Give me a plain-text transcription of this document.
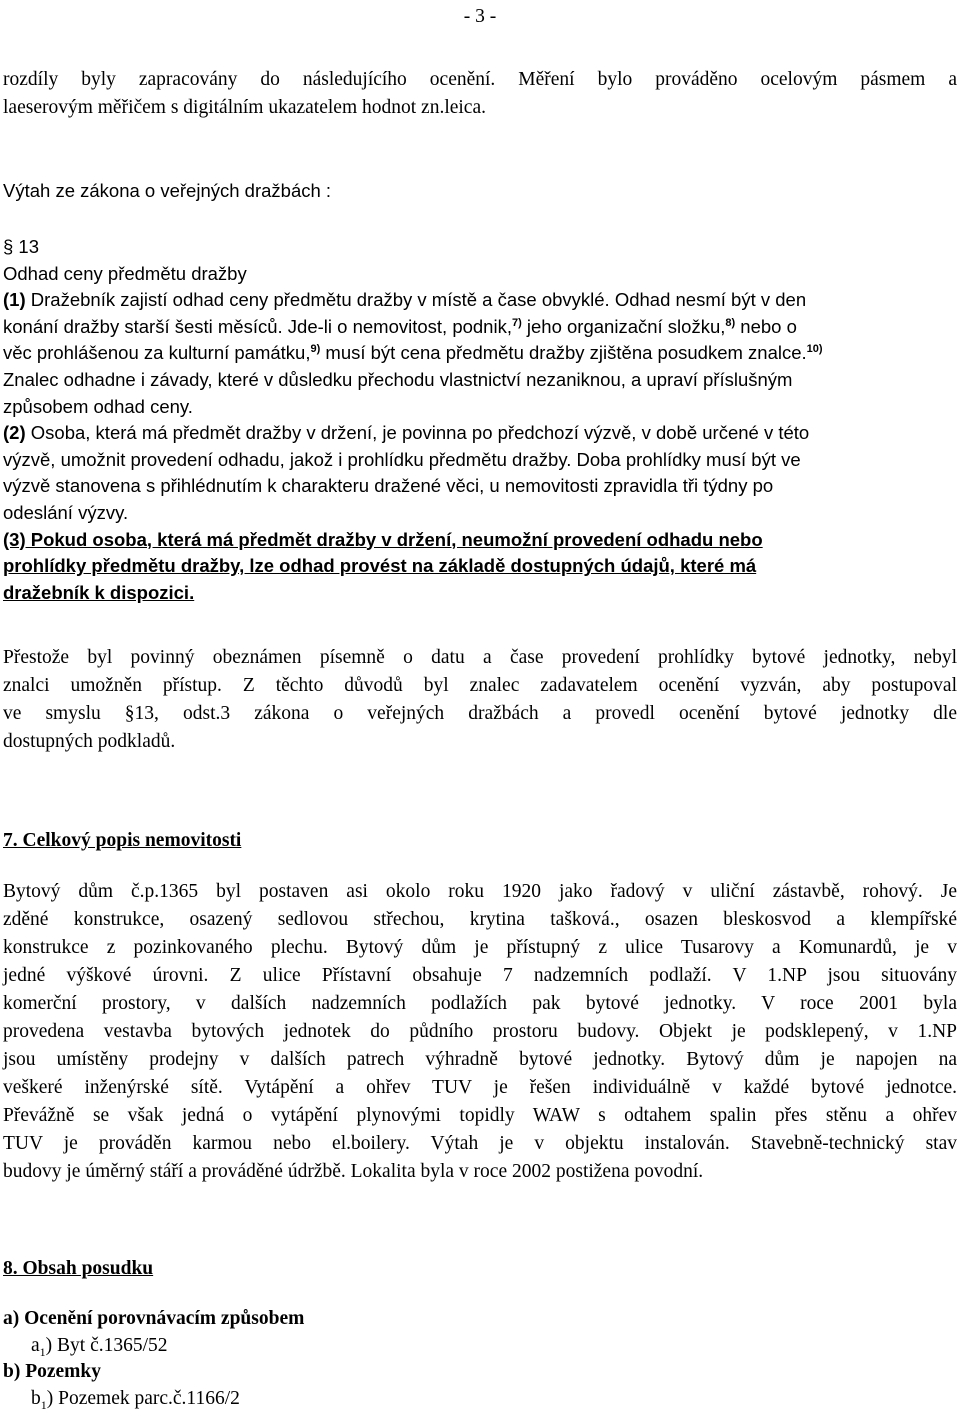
- 3 -
rozdíly byly zapracovány do následujícího ocenění. Měření bylo prováděno ocelovým pásmem a
laeserovým měřičem s digitálním ukazatelem hodnot zn.leica.
Výtah ze zákona o veřejných dražbách :
§ 13
Odhad ceny předmětu dražby
(1) Dražebník zajistí odhad ceny předmětu dražby v místě a čase obvyklé. Odhad nesmí být v den
konání dražby starší šesti měsíců. Jde-li o nemovitost, podnik,$^{7)}$ jeho organizační složku,$^{8)}$ nebo o
věc prohlášenou za kulturní památku,$^{9)}$ musí být cena předmětu dražby zjištěna posudkem znalce.$^{10)}$
Znalec odhadne i závady, které v důsledku přechodu vlastnictví nezaniknou, a upraví příslušným
způsobem odhad ceny.
(2) Osoba, která má předmět dražby v držení, je povinna po předchozí výzvě, v době určené v této
výzvě, umožnit provedení odhadu, jakož i prohlídku předmětu dražby. Doba prohlídky musí být ve
výzvě stanovena s přihlédnutím k charakteru dražené věci, u nemovitosti zpravidla tři týdny po
odeslání výzvy.
(3) Pokud osoba, která má předmět dražby v držení, neumožní provedení odhadu nebo
prohlídky předmětu dražby, lze odhad provést na základě dostupných údajů, které má
dražebník k dispozici.
Přestože byl povinný obeznámen písemně o datu a čase provedení prohlídky bytové jednotky, nebyl
znalci umožněn přístup. Z těchto důvodů byl znalec zadavatelem ocenění vyzván, aby postupoval
ve smyslu §13, odst.3 zákona o veřejných dražbách a provedl ocenění bytové jednotky dle
dostupných podkladů.
7. Celkový popis nemovitosti
Bytový dům č.p.1365 byl postaven asi okolo roku 1920 jako řadový v uliční zástavbě, rohový. Je
zděné konstrukce, osazený sedlovou střechou, krytina tašková., osazen bleskosvod a klempířské
konstrukce z pozinkovaného plechu. Bytový dům je přístupný z ulice Tusarovy a Komunardů, je v
jedné výškové úrovni. Z ulice Přístavní obsahuje 7 nadzemních podlaží. V 1.NP jsou situovány
komerční prostory, v dalších nadzemních podlažích pak bytové jednotky. V roce 2001 byla
provedena vestavba bytových jednotek do půdního prostoru budovy. Objekt je podsklepený, v 1.NP
jsou umístěny prodejny v dalších patrech výhradně bytové jednotky. Bytový dům je napojen na
veškeré inženýrské sítě. Vytápění a ohřev TUV je řešen individuálně v každé bytové jednotce.
Převážně se však jedná o vytápění plynovými topidly WAW s odtahem spalin přes stěnu a ohřev
TUV je prováděn karmou nebo el.boilery. Výtah je v objektu instalován. Stavebně-technický stav
budovy je úměrný stáří a prováděné údržbě. Lokalita byla v roce 2002 postižena povodní.
8. Obsah posudku
a) Ocenění porovnávacím způsobem
$a_1$) Byt č.1365/52
b) Pozemky
$b_1$) Pozemek parc.č.1166/2
